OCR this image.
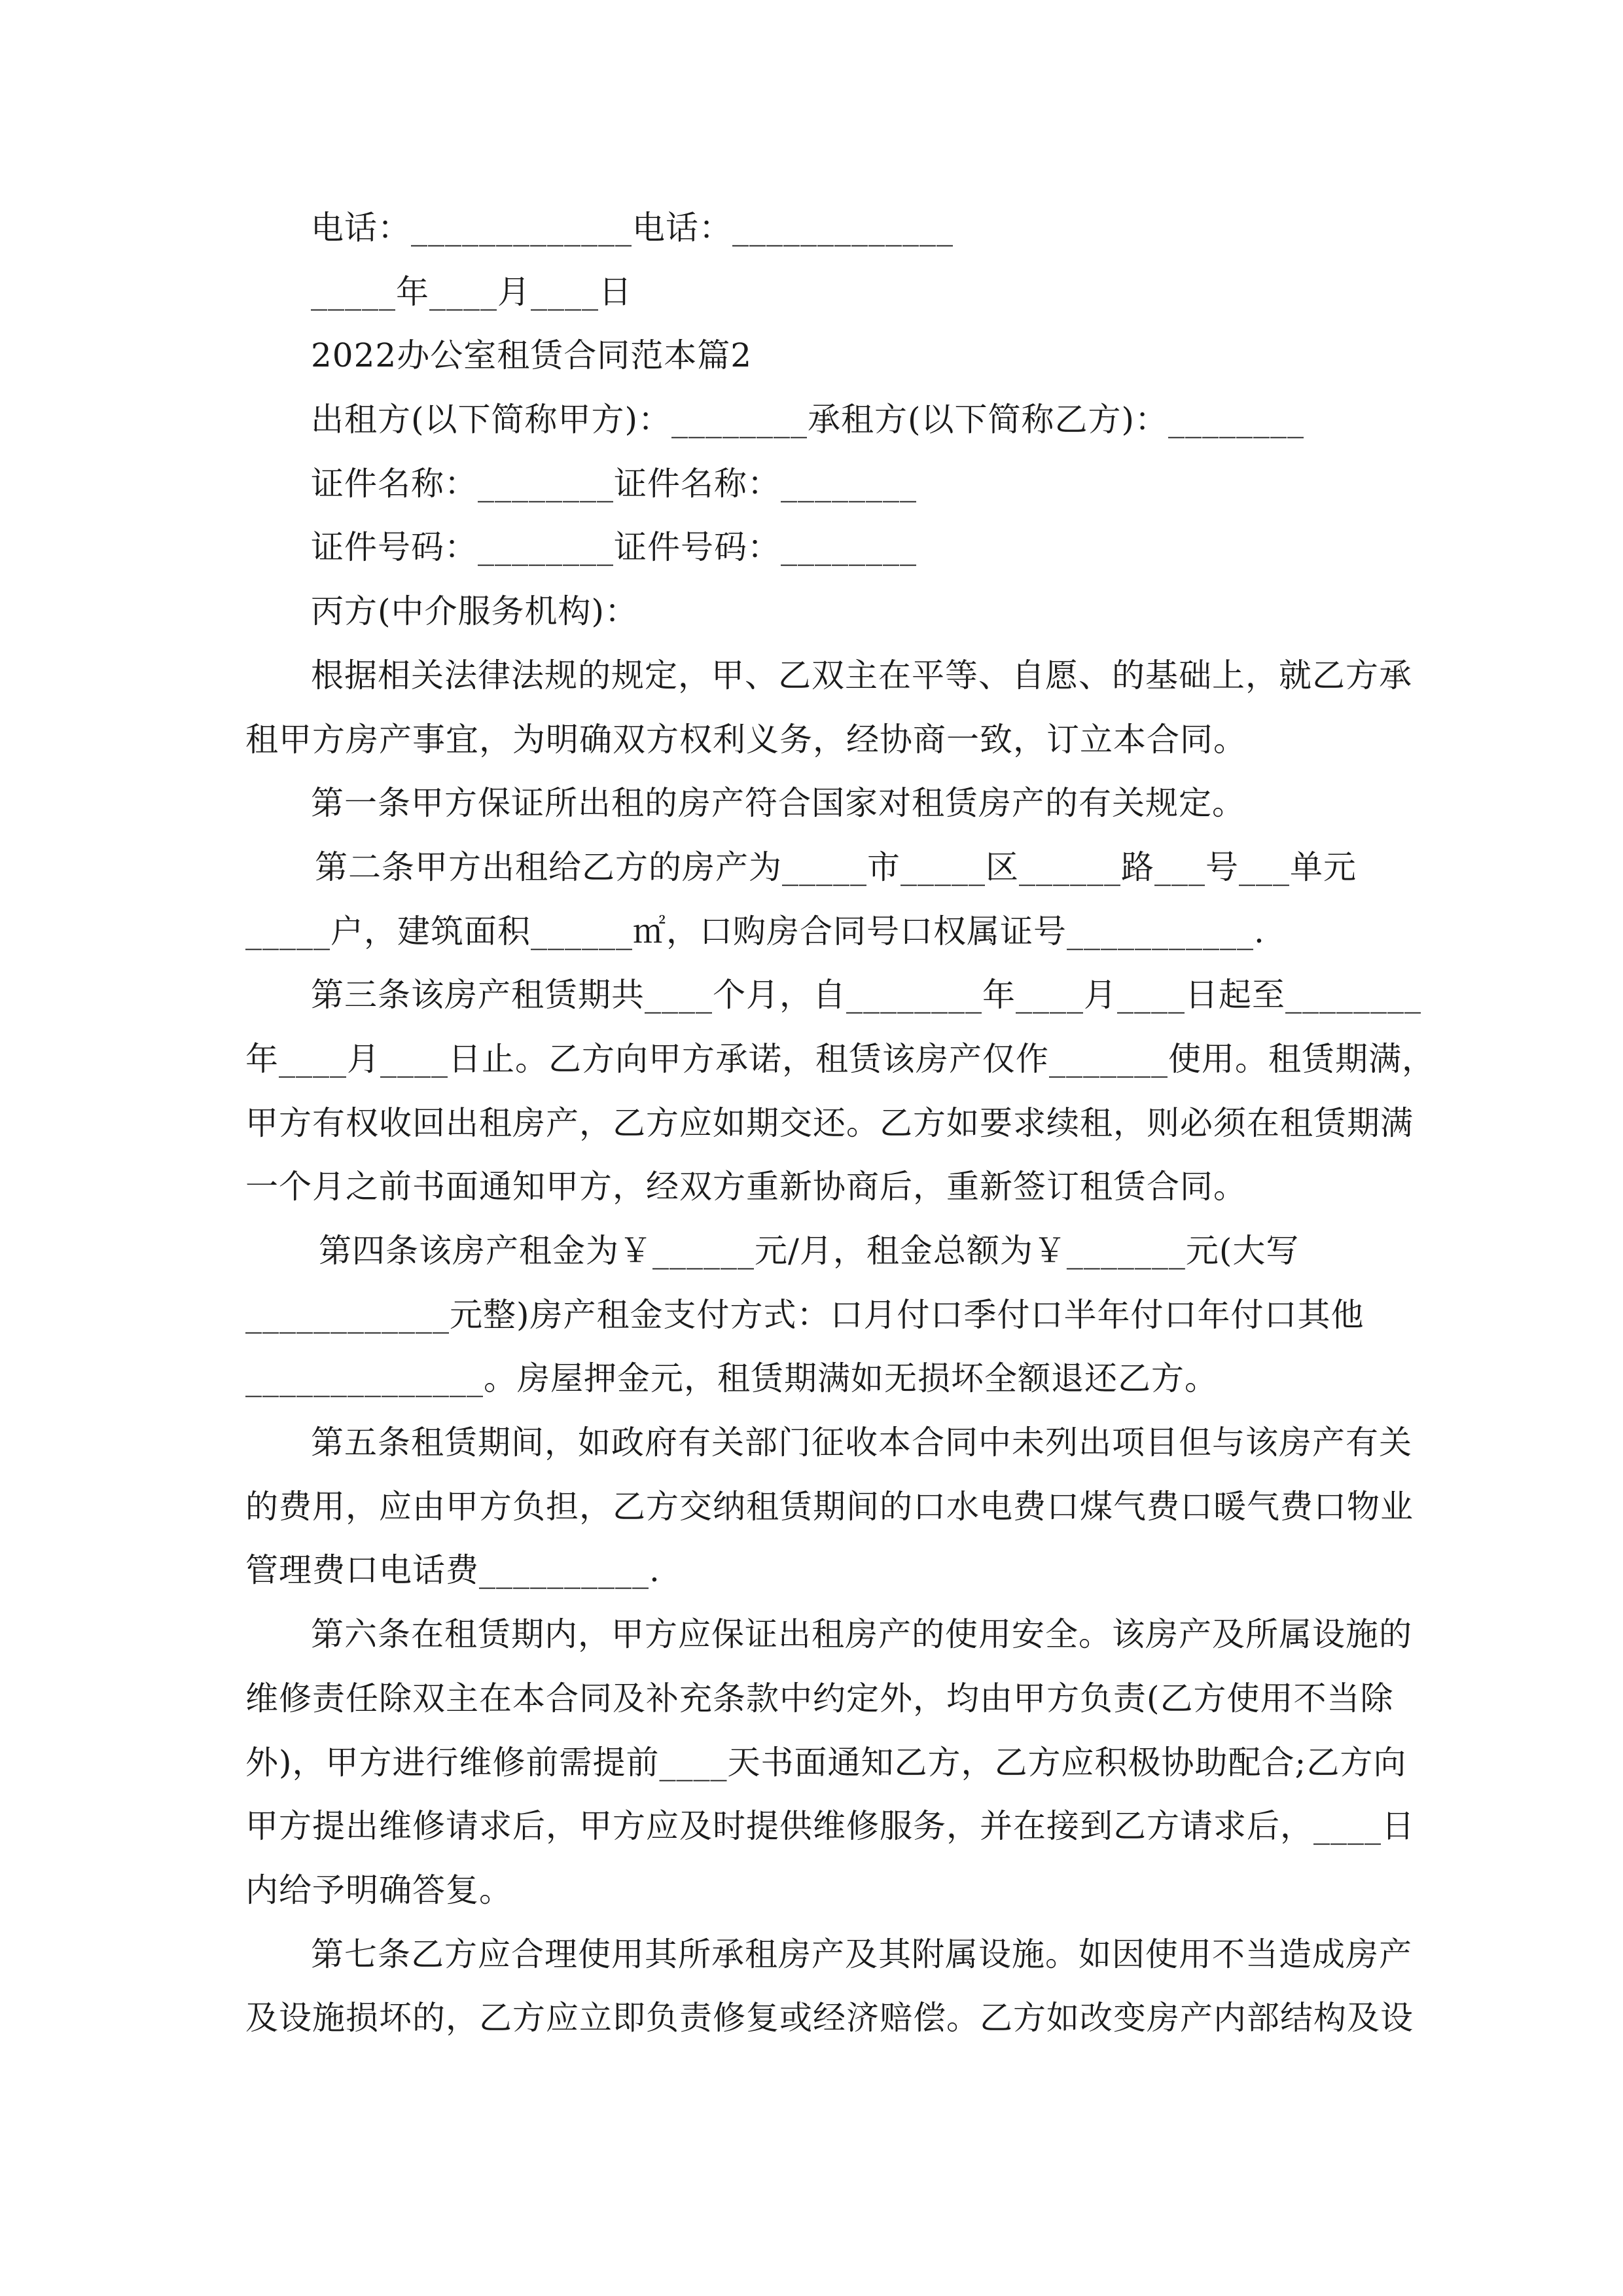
电话：_____________电话：_____________
_____年____月____日
2022办公室租赁合同范本篇2
出租方(以下简称甲方)：________承租方(以下简称乙方)：________
证件名称：________证件名称：________
证件号码：________证件号码：________
丙方(中介服务机构)：
根据相关法律法规的规定，甲、乙双主在平等、自愿、的基础上，就乙方承
租甲方房产事宜，为明确双方权利义务，经协商一致，订立本合同。
第一条甲方保证所出租的房产符合国家对租赁房产的有关规定。
第二条甲方出租给乙方的房产为_____市_____区______路___号___单元
_____户，建筑面积______㎡，口购房合同号口权属证号___________.
第三条该房产租赁期共____个月，自________年____月____日起至________
年____月____日止。乙方向甲方承诺，租赁该房产仅作_______使用。租赁期满，
甲方有权收回出租房产，乙方应如期交还。乙方如要求续租，则必须在租赁期满
一个月之前书面通知甲方，经双方重新协商后，重新签订租赁合同。
第四条该房产租金为￥______元/月，租金总额为￥_______元(大写
____________元整)房产租金支付方式：口月付口季付口半年付口年付口其他
______________。房屋押金元，租赁期满如无损坏全额退还乙方。
第五条租赁期间，如政府有关部门征收本合同中未列出项目但与该房产有关
的费用，应由甲方负担，乙方交纳租赁期间的口水电费口煤气费口暖气费口物业
管理费口电话费__________.
第六条在租赁期内，甲方应保证出租房产的使用安全。该房产及所属设施的
维修责任除双主在本合同及补充条款中约定外，均由甲方负责(乙方使用不当除
外)，甲方进行维修前需提前____天书面通知乙方，乙方应积极协助配合;乙方向
甲方提出维修请求后，甲方应及时提供维修服务，并在接到乙方请求后，____日
内给予明确答复。
第七条乙方应合理使用其所承租房产及其附属设施。如因使用不当造成房产
及设施损坏的，乙方应立即负责修复或经济赔偿。乙方如改变房产内部结构及设
